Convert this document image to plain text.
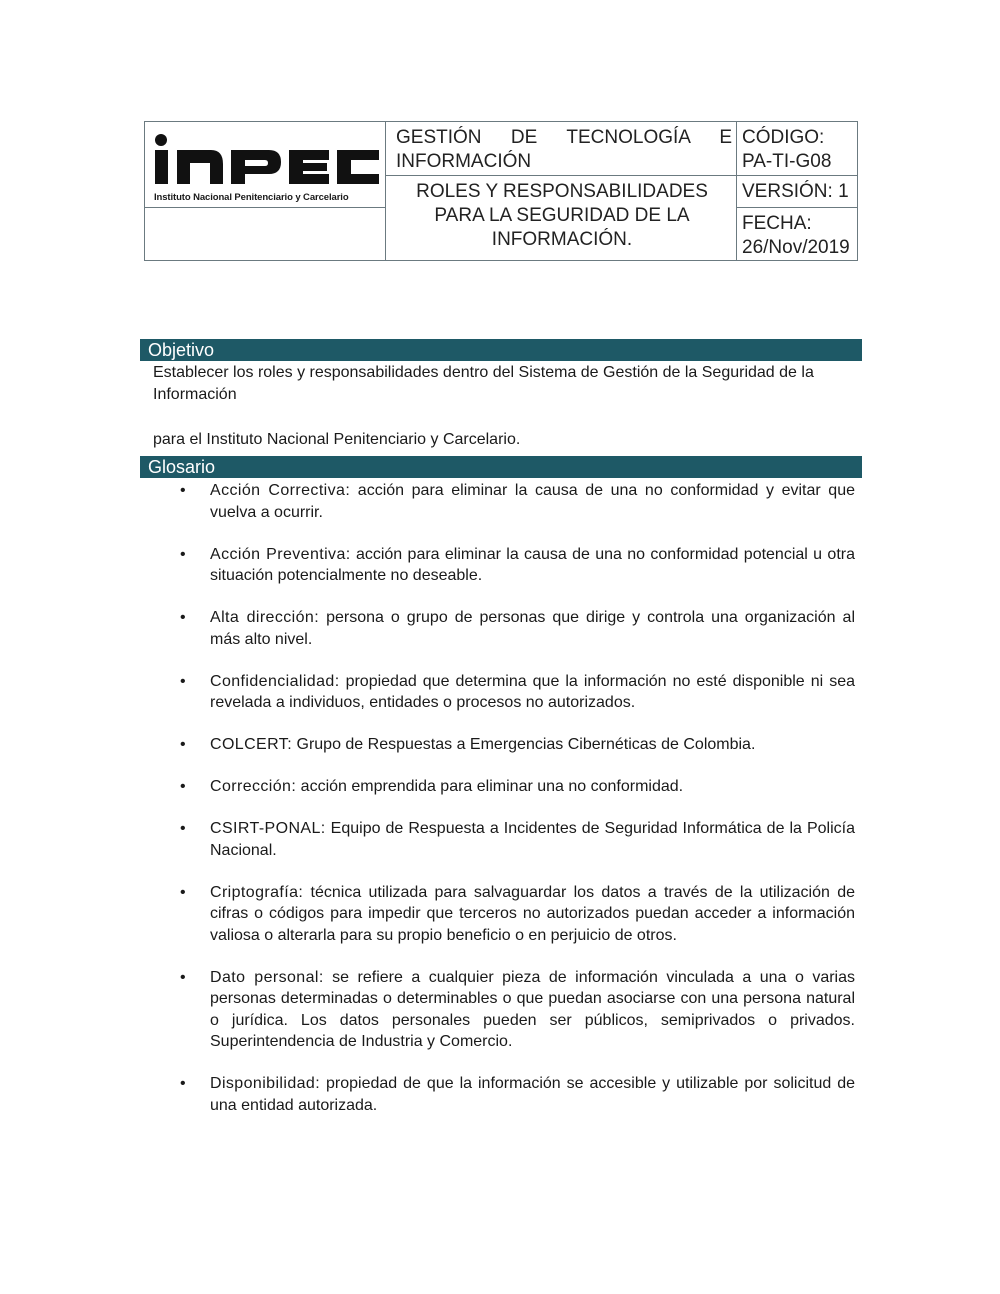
Instituto Nacional Penitenciario y Carcelario
GESTIÓN DE TECNOLOGÍA E INFORMACIÓN
ROLES Y RESPONSABILIDADES PARA LA SEGURIDAD DE LA INFORMACIÓN.
CÓDIGO:
PA-TI-G08
VERSIÓN: 1
FECHA:
26/Nov/2019
Objetivo
Establecer los roles y responsabilidades dentro del Sistema de Gestión de la Seguridad de la Información
para el Instituto Nacional Penitenciario y Carcelario.
Glosario
• Acción Correctiva: acción para eliminar la causa de una no conformidad y evitar que vuelva a ocurrir.
• Acción Preventiva: acción para eliminar la causa de una no conformidad potencial u otra situación potencialmente no deseable.
• Alta dirección: persona o grupo de personas que dirige y controla una organización al más alto nivel.
• Confidencialidad: propiedad que determina que la información no esté disponible ni sea revelada a individuos, entidades o procesos no autorizados.
• COLCERT: Grupo de Respuestas a Emergencias Cibernéticas de Colombia.
• Corrección: acción emprendida para eliminar una no conformidad.
• CSIRT-PONAL: Equipo de Respuesta a Incidentes de Seguridad Informática de la Policía Nacional.
• Criptografía: técnica utilizada para salvaguardar los datos a través de la utilización de cifras o códigos para impedir que terceros no autorizados puedan acceder a información valiosa o alterarla para su propio beneficio o en perjuicio de otros.
• Dato personal: se refiere a cualquier pieza de información vinculada a una o varias personas determinadas o determinables o que puedan asociarse con una persona natural o jurídica. Los datos personales pueden ser públicos, semiprivados o privados. Superintendencia de Industria y Comercio.
• Disponibilidad: propiedad de que la información se accesible y utilizable por solicitud de una entidad autorizada.
